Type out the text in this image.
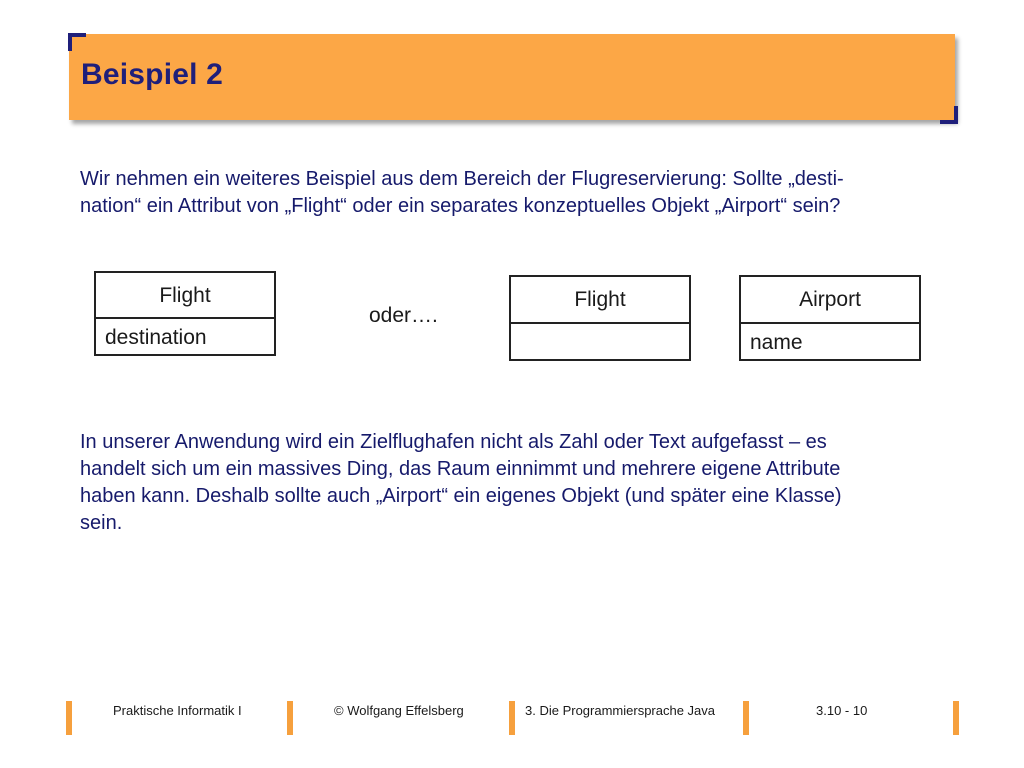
Beispiel 2
Wir nehmen ein weiteres Beispiel aus dem Bereich der Flugreservierung: Sollte „desti-
nation“ ein Attribut von „Flight“ oder ein separates konzeptuelles Objekt „Airport“ sein?
Flight
destination
oder….
Flight	Airport
name
In unserer Anwendung wird ein Zielflughafen nicht als Zahl oder Text aufgefasst – es
handelt sich um ein massives Ding, das Raum einnimmt und mehrere eigene Attribute
haben kann. Deshalb sollte auch „Airport“ ein eigenes Objekt (und später eine Klasse)
sein.
Praktische Informatik I	© Wolfgang Effelsberg	3. Die Programmiersprache Java	3.10 - 10
